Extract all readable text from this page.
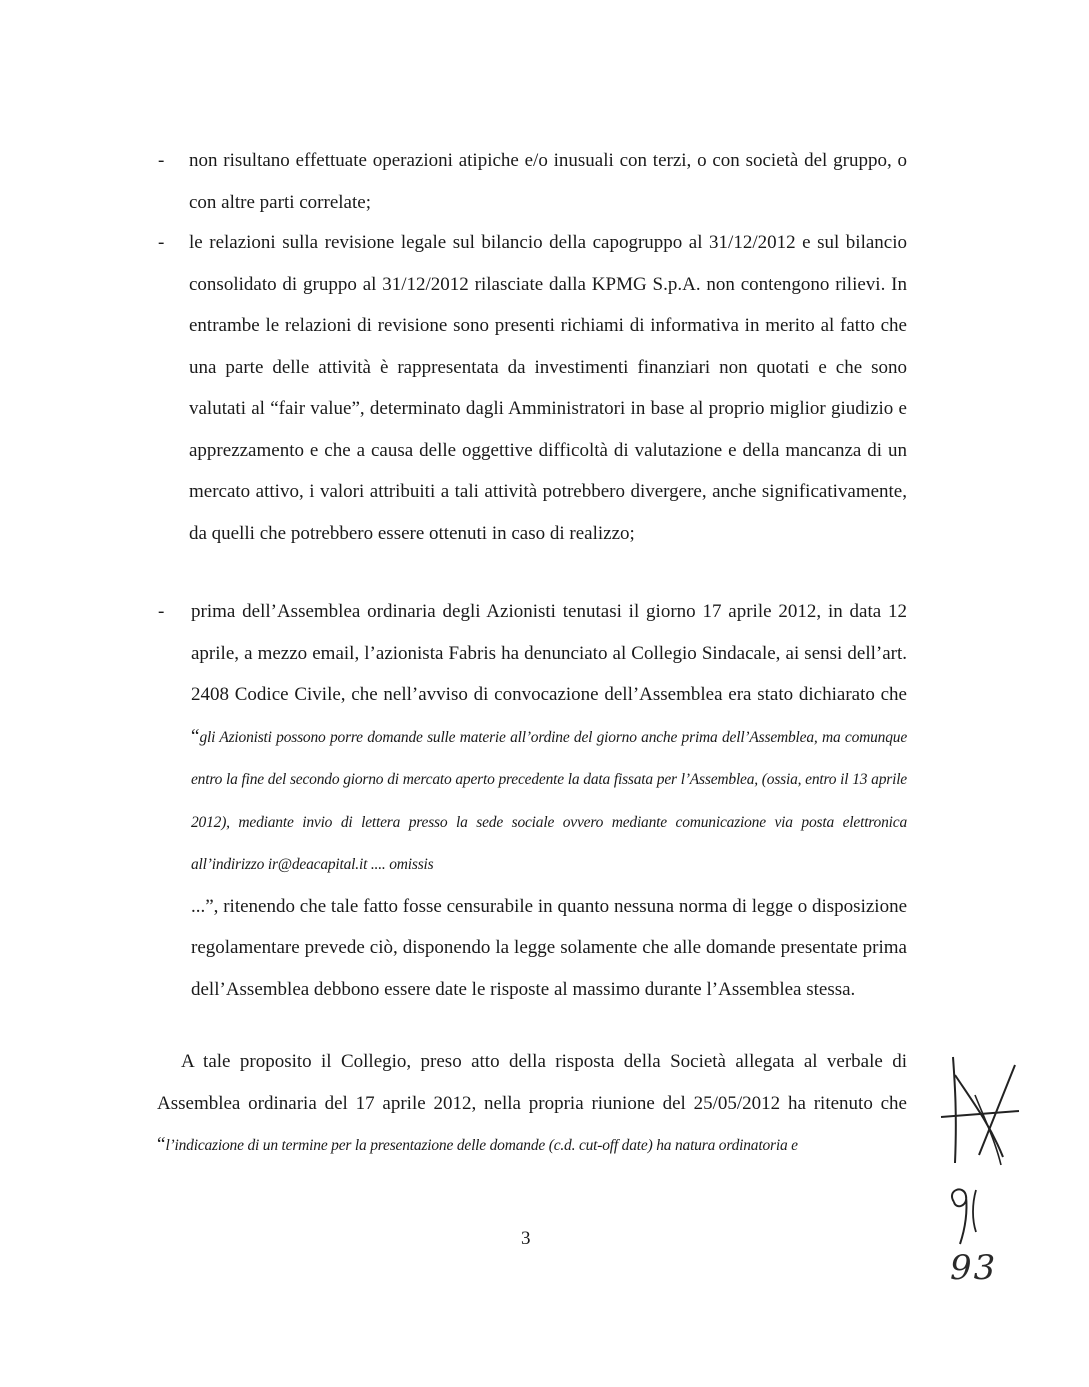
- non risultano effettuate operazioni atipiche e/o inusuali con terzi, o con società del gruppo, o con altre parti correlate;

- le relazioni sulla revisione legale sul bilancio della capogruppo al 31/12/2012 e sul bilancio consolidato di gruppo al 31/12/2012 rilasciate dalla KPMG S.p.A. non contengono rilievi. In entrambe le relazioni di revisione sono presenti richiami di informativa in merito al fatto che una parte delle attività è rappresentata da investimenti finanziari non quotati e che sono valutati al “fair value”, determinato dagli Amministratori in base al proprio miglior giudizio e apprezzamento e che a causa delle oggettive difficoltà di valutazione e della mancanza di un mercato attivo, i valori attribuiti a tali attività potrebbero divergere, anche significativamente, da quelli che potrebbero essere ottenuti in caso di realizzo;

- prima dell’Assemblea ordinaria degli Azionisti tenutasi il giorno 17 aprile 2012, in data 12 aprile, a mezzo email, l’azionista Fabris ha denunciato al Collegio Sindacale, ai sensi dell’art. 2408 Codice Civile, che nell’avviso di convocazione dell’Assemblea era stato dichiarato che “gli Azionisti possono porre domande sulle materie all’ordine del giorno anche prima dell’Assemblea, ma comunque entro la fine del secondo giorno di mercato aperto precedente la data fissata per l’Assemblea, (ossia, entro il 13 aprile 2012), mediante invio di lettera presso la sede sociale ovvero mediante comunicazione via posta elettronica all’indirizzo ir@deacapital.it .... omissis
...”, ritenendo che tale fatto fosse censurabile in quanto nessuna norma di legge o disposizione regolamentare prevede ciò, disponendo la legge solamente che alle domande presentate prima dell’Assemblea debbono essere date le risposte al massimo durante l’Assemblea stessa.

A tale proposito il Collegio, preso atto della risposta della Società allegata al verbale di Assemblea ordinaria del 17 aprile 2012, nella propria riunione del 25/05/2012 ha ritenuto che “l’indicazione di un termine per la presentazione delle domande (c.d. cut-off date) ha natura ordinatoria e
3
93
